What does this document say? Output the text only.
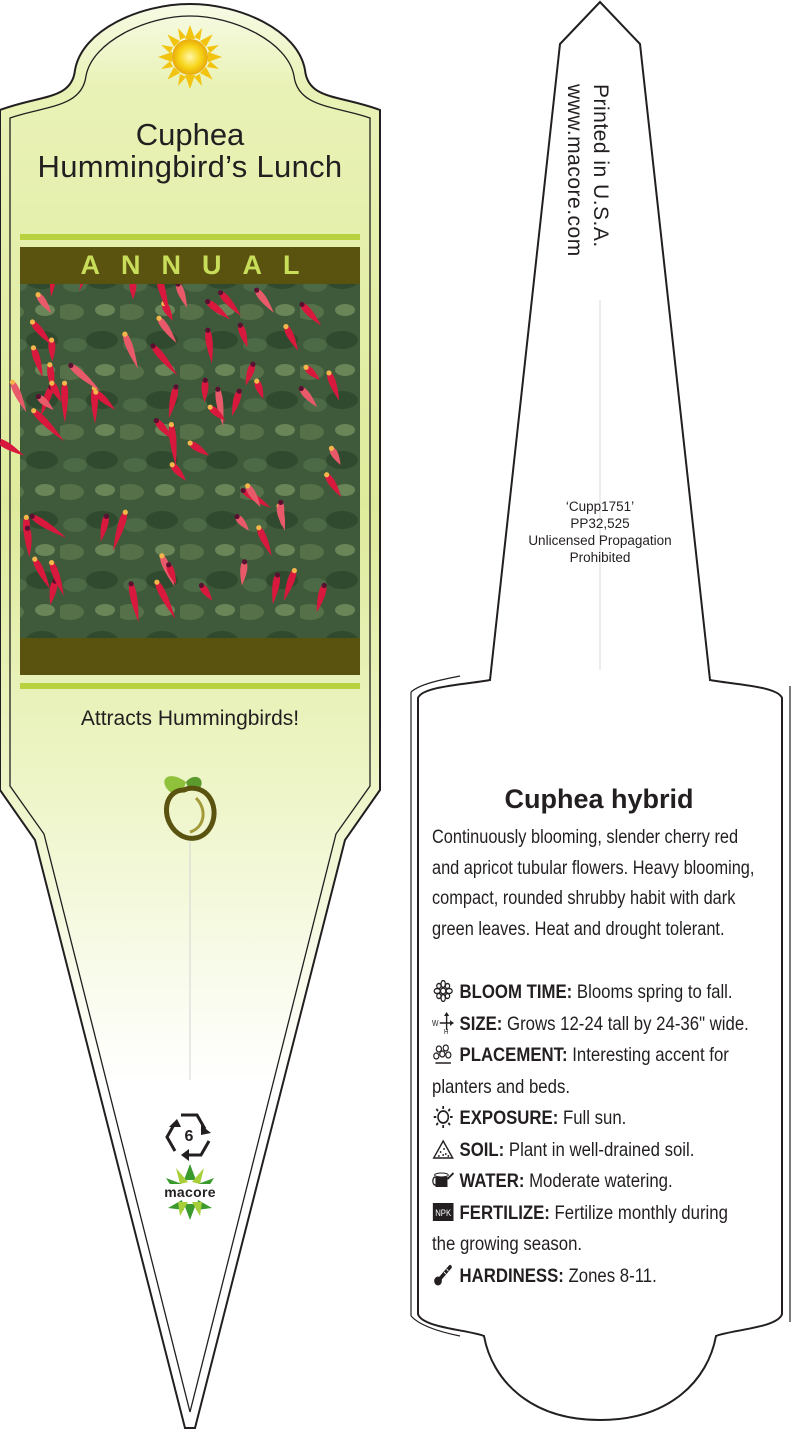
Cuphea
Hummingbird’s Lunch
ANNUAL
Attracts Hummingbirds!
6
macore
Printed in U.S.A.
www.macore.com
‘Cupp1751’
PP32,525
Unlicensed Propagation
Prohibited
Cuphea hybrid
Continuously blooming, slender cherry red and apricot tubular flowers. Heavy blooming, compact, rounded shrubby habit with dark green leaves. Heat and drought tolerant.
BLOOM TIME: Blooms spring to fall.
W
H SIZE: Grows 12-24 tall by 24-36" wide.
PLACEMENT: Interesting accent for planters and beds.
EXPOSURE: Full sun.
SOIL: Plant in well-drained soil.
WATER: Moderate watering.
NPK FERTILIZE: Fertilize monthly during the growing season.
HARDINESS: Zones 8-11.
